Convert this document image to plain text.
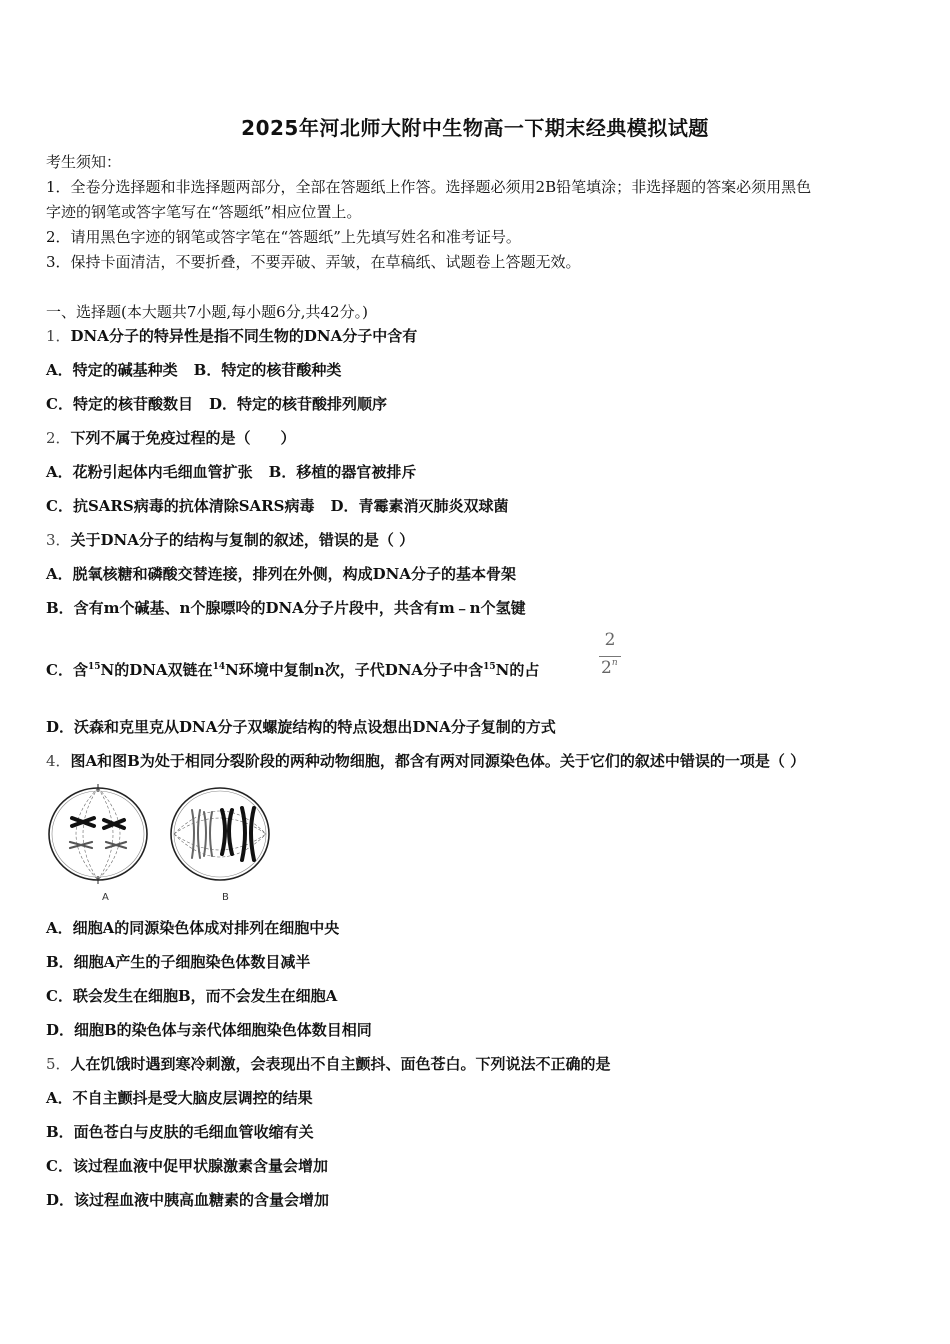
2025年河北师大附中生物高一下期末经典模拟试题
考生须知：
1．全卷分选择题和非选择题两部分，全部在答题纸上作答。选择题必须用2B铅笔填涂；非选择题的答案必须用黑色
字迹的钢笔或答字笔写在“答题纸”相应位置上。
2．请用黑色字迹的钢笔或答字笔在“答题纸”上先填写姓名和准考证号。
3．保持卡面清洁，不要折叠，不要弄破、弄皱，在草稿纸、试题卷上答题无效。
一、选择题(本大题共7小题,每小题6分,共42分。)
1．DNA分子的特异性是指不同生物的DNA分子中含有
A．特定的碱基种类 B．特定的核苷酸种类
C．特定的核苷酸数目 D．特定的核苷酸排列顺序
2．下列不属于免疫过程的是（　　）
A．花粉引起体内毛细血管扩张 B．移植的器官被排斥
C．抗SARS病毒的抗体清除SARS病毒 D．青霉素消灭肺炎双球菌
3．关于DNA分子的结构与复制的叙述，错误的是（ ）
A．脱氧核糖和磷酸交替连接，排列在外侧，构成DNA分子的基本骨架
B．含有m个碱基、n个腺嘌呤的DNA分子片段中，共含有m﹣n个氢键
C．含$^{15}$N的DNA双链在$^{14}$N环境中复制n次，子代DNA分子中含$^{15}$N的占
2
2$^n$
D．沃森和克里克从DNA分子双螺旋结构的特点设想出DNA分子复制的方式
4．图A和图B为处于相同分裂阶段的两种动物细胞，都含有两对同源染色体。关于它们的叙述中错误的一项是（ ）
A	B
A．细胞A的同源染色体成对排列在细胞中央
B．细胞A产生的子细胞染色体数目减半
C．联会发生在细胞B，而不会发生在细胞A
D．细胞B的染色体与亲代体细胞染色体数目相同
5．人在饥饿时遇到寒冷刺激，会表现出不自主颤抖、面色苍白。下列说法不正确的是
A．不自主颤抖是受大脑皮层调控的结果
B．面色苍白与皮肤的毛细血管收缩有关
C．该过程血液中促甲状腺激素含量会增加
D．该过程血液中胰高血糖素的含量会增加
